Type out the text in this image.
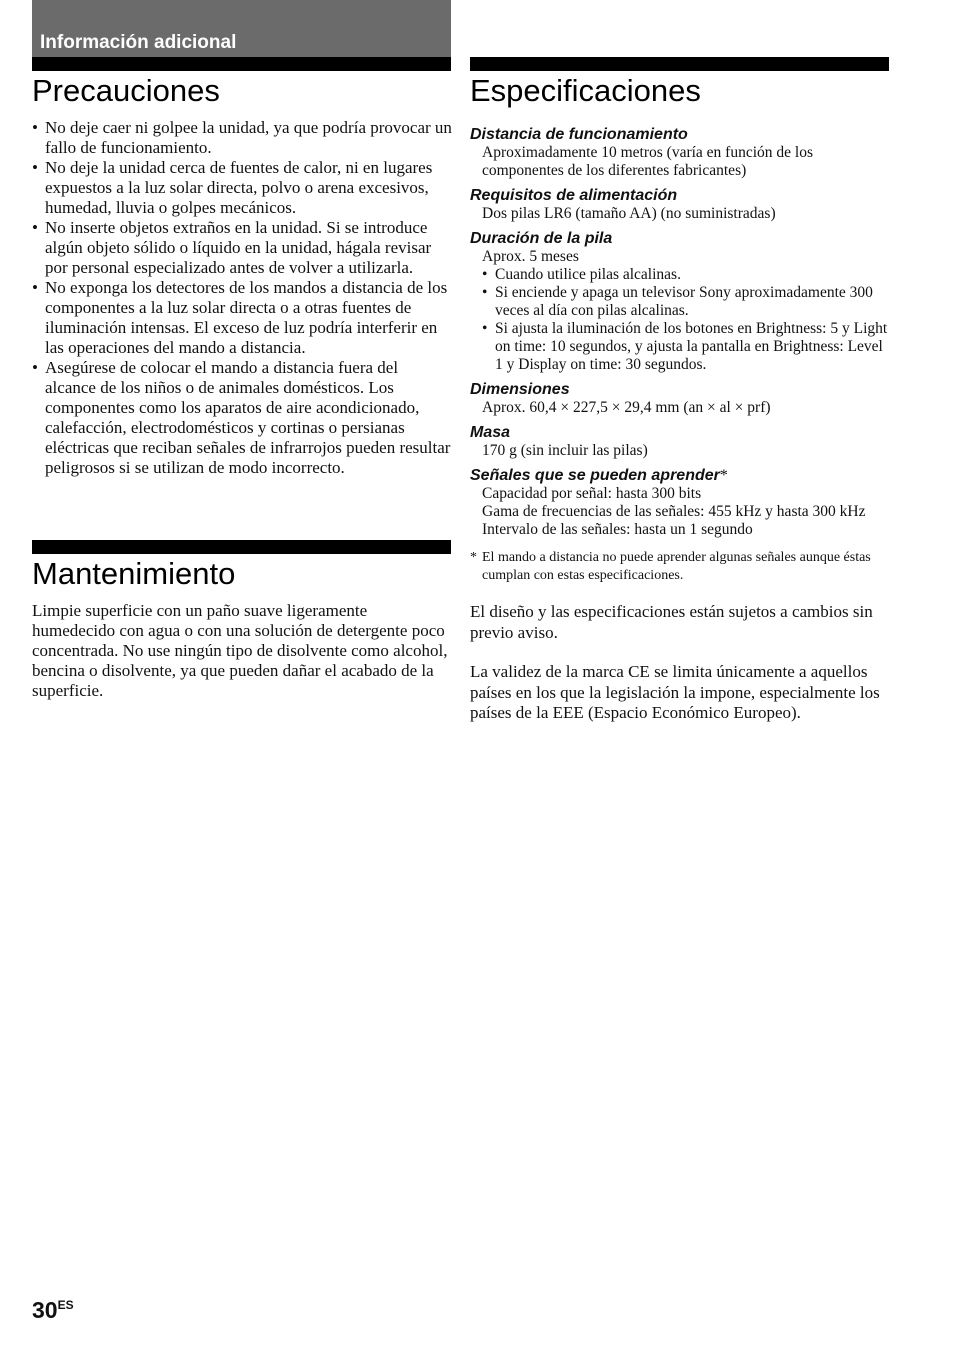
Información adicional
Precauciones
• No deje caer ni golpee la unidad, ya que podría provocar un fallo de funcionamiento.
• No deje la unidad cerca de fuentes de calor, ni en lugares expuestos a la luz solar directa, polvo o arena excesivos, humedad, lluvia o golpes mecánicos.
• No inserte objetos extraños en la unidad. Si se introduce algún objeto sólido o líquido en la unidad, hágala revisar por personal especializado antes de volver a utilizarla.
• No exponga los detectores de los mandos a distancia de los componentes a la luz solar directa o a otras fuentes de iluminación intensas. El exceso de luz podría interferir en las operaciones del mando a distancia.
• Asegúrese de colocar el mando a distancia fuera del alcance de los niños o de animales domésticos. Los componentes como los aparatos de aire acondicionado, calefacción, electrodomésticos y cortinas o persianas eléctricas que reciban señales de infrarrojos pueden resultar peligrosos si se utilizan de modo incorrecto.
Mantenimiento

Limpie superficie con un paño suave ligeramente humedecido con agua o con una solución de detergente poco concentrada. No use ningún tipo de disolvente como alcohol, bencina o disolvente, ya que pueden dañar el acabado de la superficie.

Especificaciones
Distancia de funcionamiento
Aproximadamente 10 metros (varía en función de los componentes de los diferentes fabricantes)
Requisitos de alimentación
Dos pilas LR6 (tamaño AA) (no suministradas)
Duración de la pila
Aprox. 5 meses
• Cuando utilice pilas alcalinas.
• Si enciende y apaga un televisor Sony aproximadamente 300 veces al día con pilas alcalinas.
• Si ajusta la iluminación de los botones en Brightness: 5 y Light on time: 10 segundos, y ajusta la pantalla en Brightness: Level 1 y Display on time: 30 segundos.
Dimensiones
Aprox. 60,4 × 227,5 × 29,4 mm (an × al × prf)
Masa
170 g (sin incluir las pilas)
Señales que se pueden aprender*
Capacidad por señal: hasta 300 bits
Gama de frecuencias de las señales: 455 kHz y hasta 300 kHz
Intervalo de las señales: hasta un 1 segundo
* El mando a distancia no puede aprender algunas señales aunque éstas cumplan con estas especificaciones.

El diseño y las especificaciones están sujetos a cambios sin previo aviso.

La validez de la marca CE se limita únicamente a aquellos países en los que la legislación la impone, especialmente los países de la EEE (Espacio Económico Europeo).

$30^{ES}$
